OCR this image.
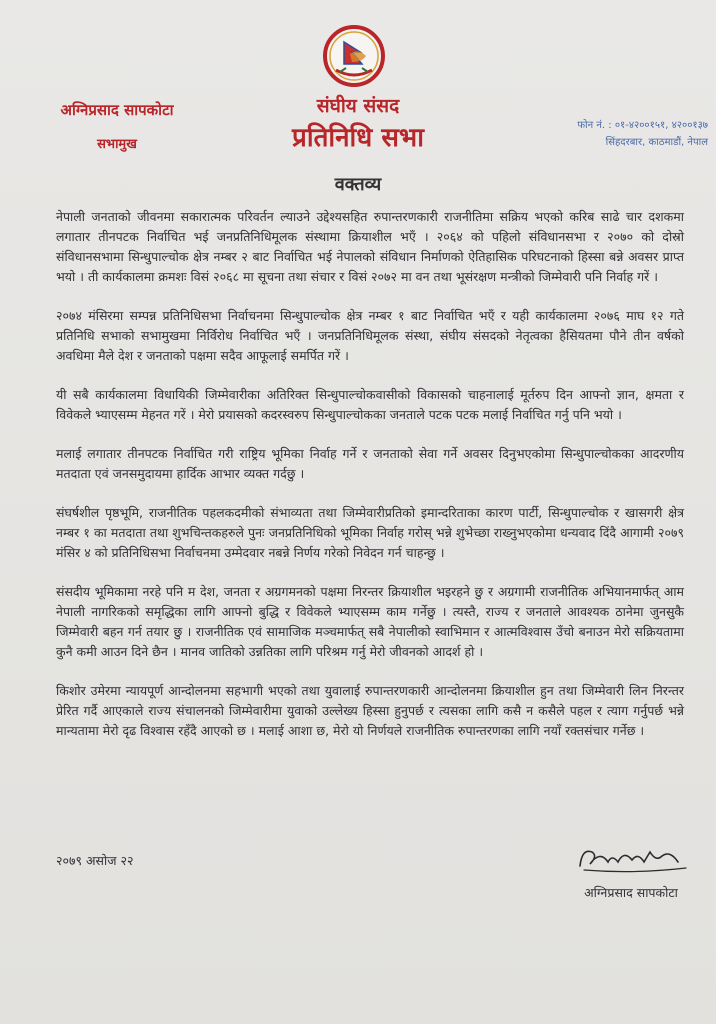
अग्निप्रसाद सापकोटा
सभामुख
संघीय संसद
प्रतिनिधि सभा	फोन नं. : ०१-४२००१५१, ४२००१३७
सिंहदरबार, काठमाडौं, नेपाल
वक्तव्य

नेपाली जनताको जीवनमा सकारात्मक परिवर्तन ल्याउने उद्देश्यसहित रुपान्तरणकारी राजनीतिमा सक्रिय भएको करिब साढे चार दशकमा लगातार तीनपटक निर्वाचित भई जनप्रतिनिधिमूलक संस्थामा क्रियाशील भएँ । २०६४ को पहिलो संविधानसभा र २०७० को दोस्रो संविधानसभामा सिन्धुपाल्चोक क्षेत्र नम्बर २ बाट निर्वाचित भई नेपालको संविधान निर्माणको ऐतिहासिक परिघटनाको हिस्सा बन्ने अवसर प्राप्त भयो । ती कार्यकालमा क्रमशः विसं २०६८ मा सूचना तथा संचार र विसं २०७२ मा वन तथा भूसंरक्षण मन्त्रीको जिम्मेवारी पनि निर्वाह गरें ।

२०७४ मंसिरमा सम्पन्न प्रतिनिधिसभा निर्वाचनमा सिन्धुपाल्चोक क्षेत्र नम्बर १ बाट निर्वाचित भएँ र यही कार्यकालमा २०७६ माघ १२ गते प्रतिनिधि सभाको सभामुखमा निर्विरोध निर्वाचित भएँ । जनप्रतिनिधिमूलक संस्था, संघीय संसदको नेतृत्वका हैसियतमा पौने तीन वर्षको अवधिमा मैले देश र जनताको पक्षमा सदैव आफूलाई समर्पित गरें ।

यी सबै कार्यकालमा विधायिकी जिम्मेवारीका अतिरिक्त सिन्धुपाल्चोकवासीको विकासको चाहनालाई मूर्तरुप दिन आफ्नो ज्ञान, क्षमता र विवेकले भ्याएसम्म मेहनत गरें । मेरो प्रयासको कदरस्वरुप सिन्धुपाल्चोकका जनताले पटक पटक मलाई निर्वाचित गर्नु पनि भयो ।

मलाई लगातार तीनपटक निर्वाचित गरी राष्ट्रिय भूमिका निर्वाह गर्ने र जनताको सेवा गर्ने अवसर दिनुभएकोमा सिन्धुपाल्चोकका आदरणीय मतदाता एवं जनसमुदायमा हार्दिक आभार व्यक्त गर्दछु ।

संघर्षशील पृष्ठभूमि, राजनीतिक पहलकदमीको संभाव्यता तथा जिम्मेवारीप्रतिको इमान्दरिताका कारण पार्टी, सिन्धुपाल्चोक र खासगरी क्षेत्र नम्बर १ का मतदाता तथा शुभचिन्तकहरुले पुनः जनप्रतिनिधिको भूमिका निर्वाह गरोस् भन्ने शुभेच्छा राख्नुभएकोमा धन्यवाद दिंदै आगामी २०७९ मंसिर ४ को प्रतिनिधिसभा निर्वाचनमा उम्मेदवार नबन्ने निर्णय गरेको निवेदन गर्न चाहन्छु ।

संसदीय भूमिकामा नरहे पनि म देश, जनता र अग्रगमनको पक्षमा निरन्तर क्रियाशील भइरहने छु र अग्रगामी राजनीतिक अभियानमार्फत् आम नेपाली नागरिकको समृद्धिका लागि आफ्नो बुद्धि र विवेकले भ्याएसम्म काम गर्नेछु । त्यस्तै, राज्य र जनताले आवश्यक ठानेमा जुनसुकै जिम्मेवारी बहन गर्न तयार छु । राजनीतिक एवं सामाजिक मञ्चमार्फत् सबै नेपालीको स्वाभिमान र आत्मविश्वास उँचो बनाउन मेरो सक्रियतामा कुनै कमी आउन दिने छैन । मानव जातिको उन्नतिका लागि परिश्रम गर्नु मेरो जीवनको आदर्श हो ।

किशोर उमेरमा न्यायपूर्ण आन्दोलनमा सहभागी भएको तथा युवालाई रुपान्तरणकारी आन्दोलनमा क्रियाशील हुन तथा जिम्मेवारी लिन निरन्तर प्रेरित गर्दै आएकाले राज्य संचालनको जिम्मेवारीमा युवाको उल्लेख्य हिस्सा हुनुपर्छ र त्यसका लागि कसै न कसैले पहल र त्याग गर्नुपर्छ भन्ने मान्यतामा मेरो दृढ विश्वास रहँदै आएको छ । मलाई आशा छ, मेरो यो निर्णयले राजनीतिक रुपान्तरणका लागि नयाँ रक्तसंचार गर्नेछ ।

२०७९ असोज २२
अग्निप्रसाद सापकोटा
